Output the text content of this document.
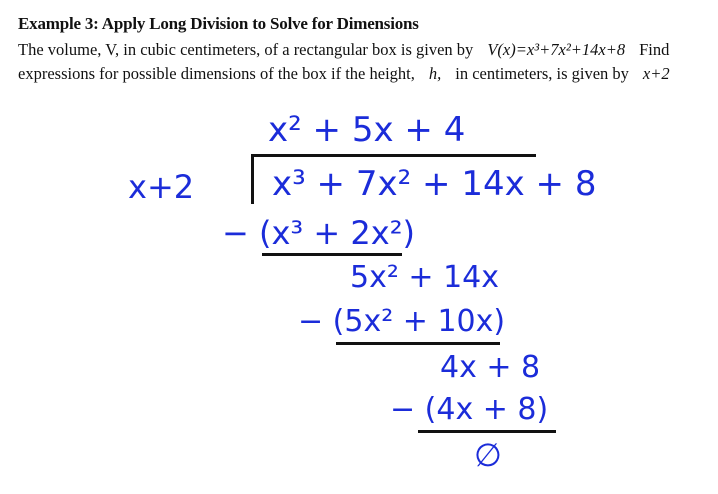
Example 3: Apply Long Division to Solve for Dimensions
The volume, V, in cubic centimeters, of a rectangular box is given by V(x)=x³+7x²+14x+8 Find
expressions for possible dimensions of the box if the height, h, in centimeters, is given by x+2
x² + 5x + 4
x+2 x³ + 7x² + 14x + 8
− (x³ + 2x²)
5x² + 14x
− (5x² + 10x)
4x + 8
− (4x + 8)
∅
